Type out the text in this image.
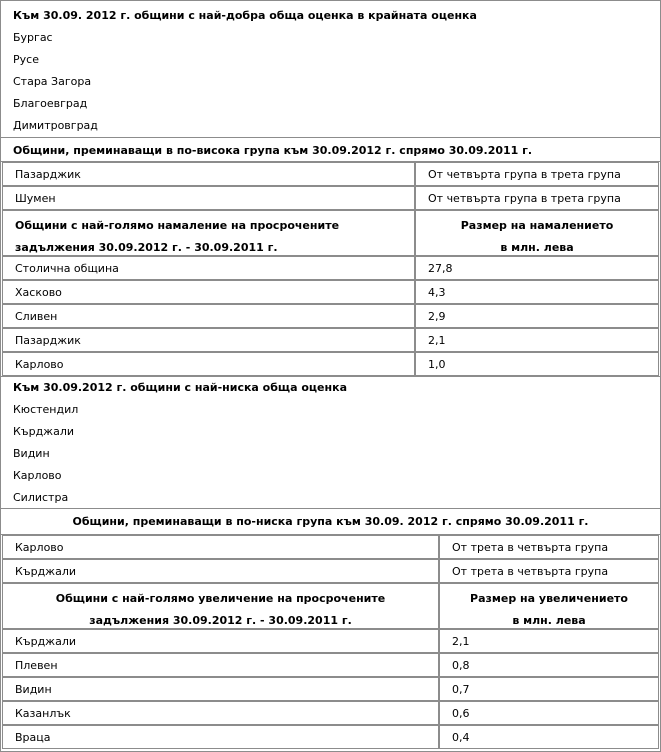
Към 30.09. 2012 г. общини с най-добра обща оценка в крайната оценка
Бургас
Русе
Стара Загора
Благоевград
Димитровград
Общини, преминаващи в по-висока група към 30.09.2012 г. спрямо 30.09.2011 г.
Пазарджик	От четвърта група в трета група
Шумен	От четвърта група в трета група
Общини с най-голямо намаление на просрочените
задължения 30.09.2012 г. - 30.09.2011 г.
Размер на намалението
в млн. лева
Столична община	27,8
Хасково	4,3
Сливен	2,9
Пазарджик	2,1
Карлово	1,0
Към 30.09.2012 г. общини с най-ниска обща оценка
Кюстендил
Кърджали
Видин
Карлово
Силистра
Общини, преминаващи в по-ниска група към 30.09. 2012 г. спрямо 30.09.2011 г.
Карлово	От трета в четвърта група
Кърджали	От трета в четвърта група
Общини с най-голямо увеличение на просрочените
задължения 30.09.2012 г. - 30.09.2011 г.
Размер на увеличението
в млн. лева
Кърджали	2,1
Плевен	0,8
Видин	0,7
Казанлък	0,6
Враца	0,4
